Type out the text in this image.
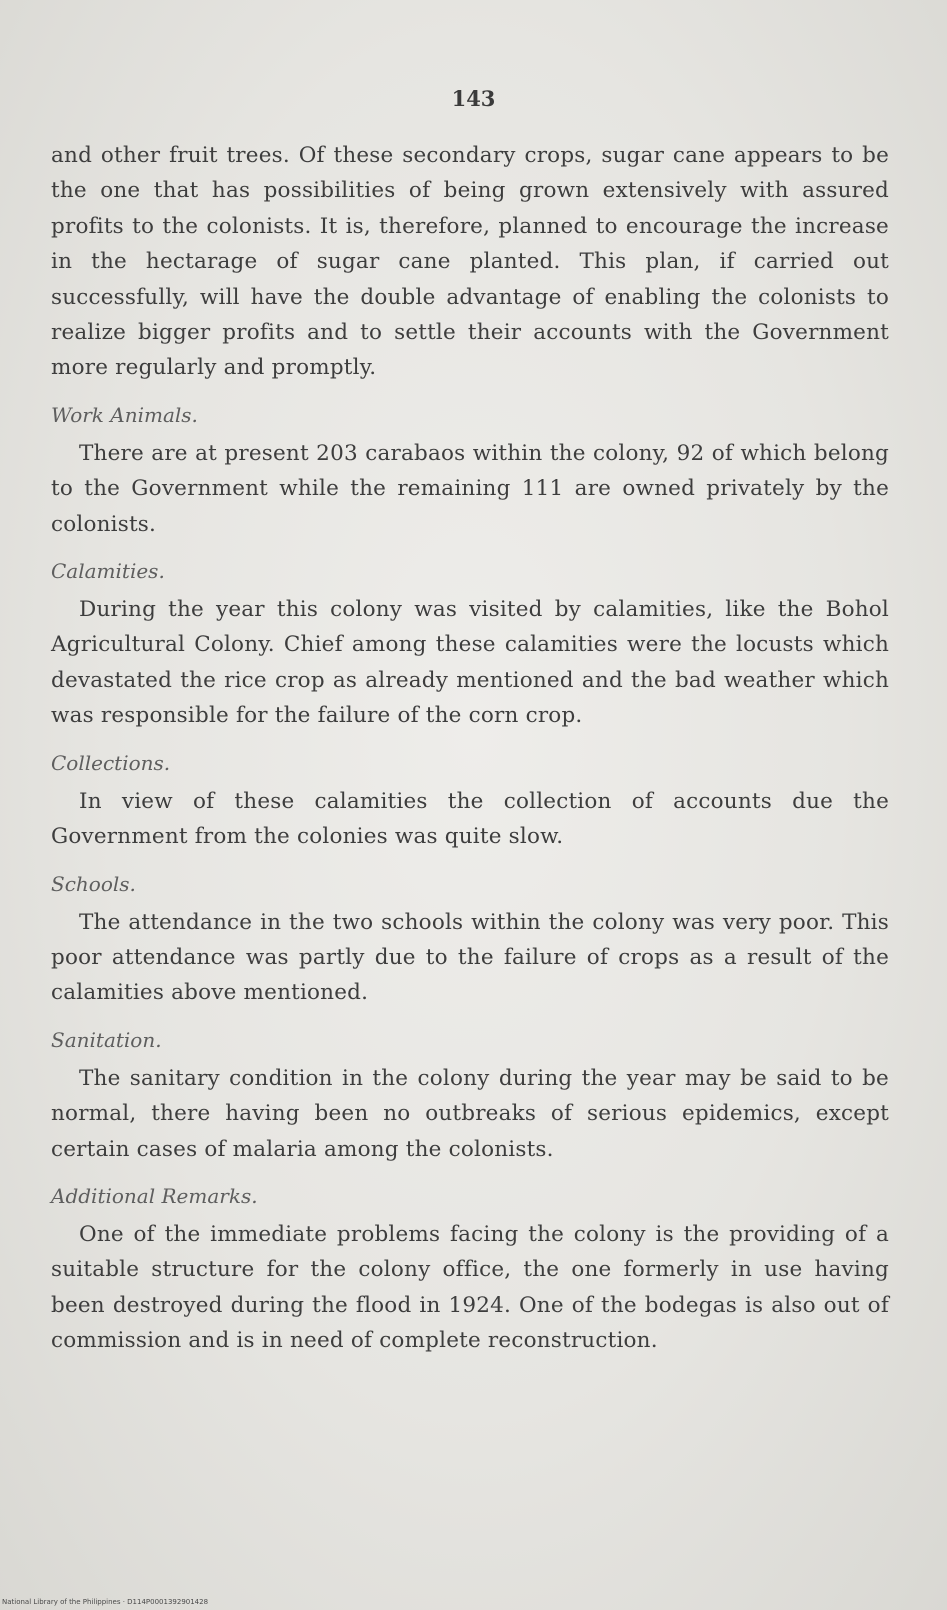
143

and other fruit trees. Of these secondary crops, sugar cane appears to be the one that has possibilities of being grown extensively with assured profits to the colonists. It is, therefore, planned to encourage the increase in the hectarage of sugar cane planted. This plan, if carried out successfully, will have the double advantage of enabling the colonists to realize bigger profits and to settle their accounts with the Government more regularly and promptly.

Work Animals.

There are at present 203 carabaos within the colony, 92 of which belong to the Government while the remaining 111 are owned privately by the colonists.

Calamities.

During the year this colony was visited by calamities, like the Bohol Agricultural Colony. Chief among these calamities were the locusts which devastated the rice crop as already mentioned and the bad weather which was responsible for the failure of the corn crop.

Collections.

In view of these calamities the collection of accounts due the Government from the colonies was quite slow.

Schools.

The attendance in the two schools within the colony was very poor. This poor attendance was partly due to the failure of crops as a result of the calamities above mentioned.

Sanitation.

The sanitary condition in the colony during the year may be said to be normal, there having been no outbreaks of serious epidemics, except certain cases of malaria among the colonists.

Additional Remarks.

One of the immediate problems facing the colony is the providing of a suitable structure for the colony office, the one formerly in use having been destroyed during the flood in 1924. One of the bodegas is also out of commission and is in need of complete reconstruction.

National Library of the Philippines · D114P0001392901428
